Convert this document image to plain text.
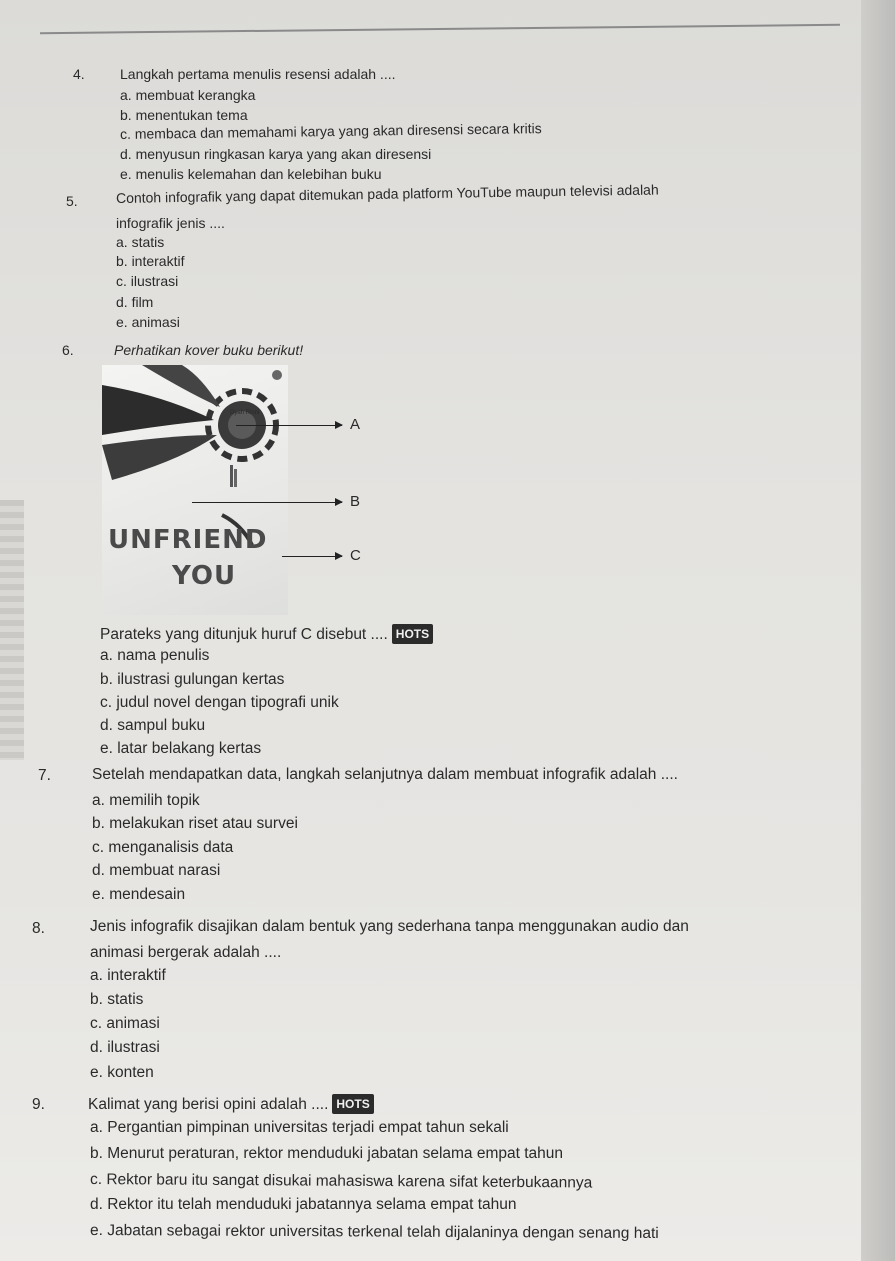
4.	Langkah pertama menulis resensi adalah ....
a. membuat kerangka
b. menentukan tema
c. membaca dan memahami karya yang akan diresensi secara kritis
d. menyusun ringkasan karya yang akan diresensi
e. menulis kelemahan dan kelebihan buku
5.	Contoh infografik yang dapat ditemukan pada platform YouTube maupun televisi adalah
infografik jenis ....
a. statis
b. interaktif
c. ilustrasi
d. film
e. animasi
6.	Perhatikan kover buku berikut!
Dyah Rinni
UNFRIEND
YOU
A
B
C
Parateks yang ditunjuk huruf C disebut .... HOTS
a. nama penulis
b. ilustrasi gulungan kertas
c. judul novel dengan tipografi unik
d. sampul buku
e. latar belakang kertas
7.	Setelah mendapatkan data, langkah selanjutnya dalam membuat infografik adalah ....
a. memilih topik
b. melakukan riset atau survei
c. menganalisis data
d. membuat narasi
e. mendesain
8.	Jenis infografik disajikan dalam bentuk yang sederhana tanpa menggunakan audio dan
animasi bergerak adalah ....
a. interaktif
b. statis
c. animasi
d. ilustrasi
e. konten
9.	Kalimat yang berisi opini adalah .... HOTS
a. Pergantian pimpinan universitas terjadi empat tahun sekali
b. Menurut peraturan, rektor menduduki jabatan selama empat tahun
c. Rektor baru itu sangat disukai mahasiswa karena sifat keterbukaannya
d. Rektor itu telah menduduki jabatannya selama empat tahun
e. Jabatan sebagai rektor universitas terkenal telah dijalaninya dengan senang hati
